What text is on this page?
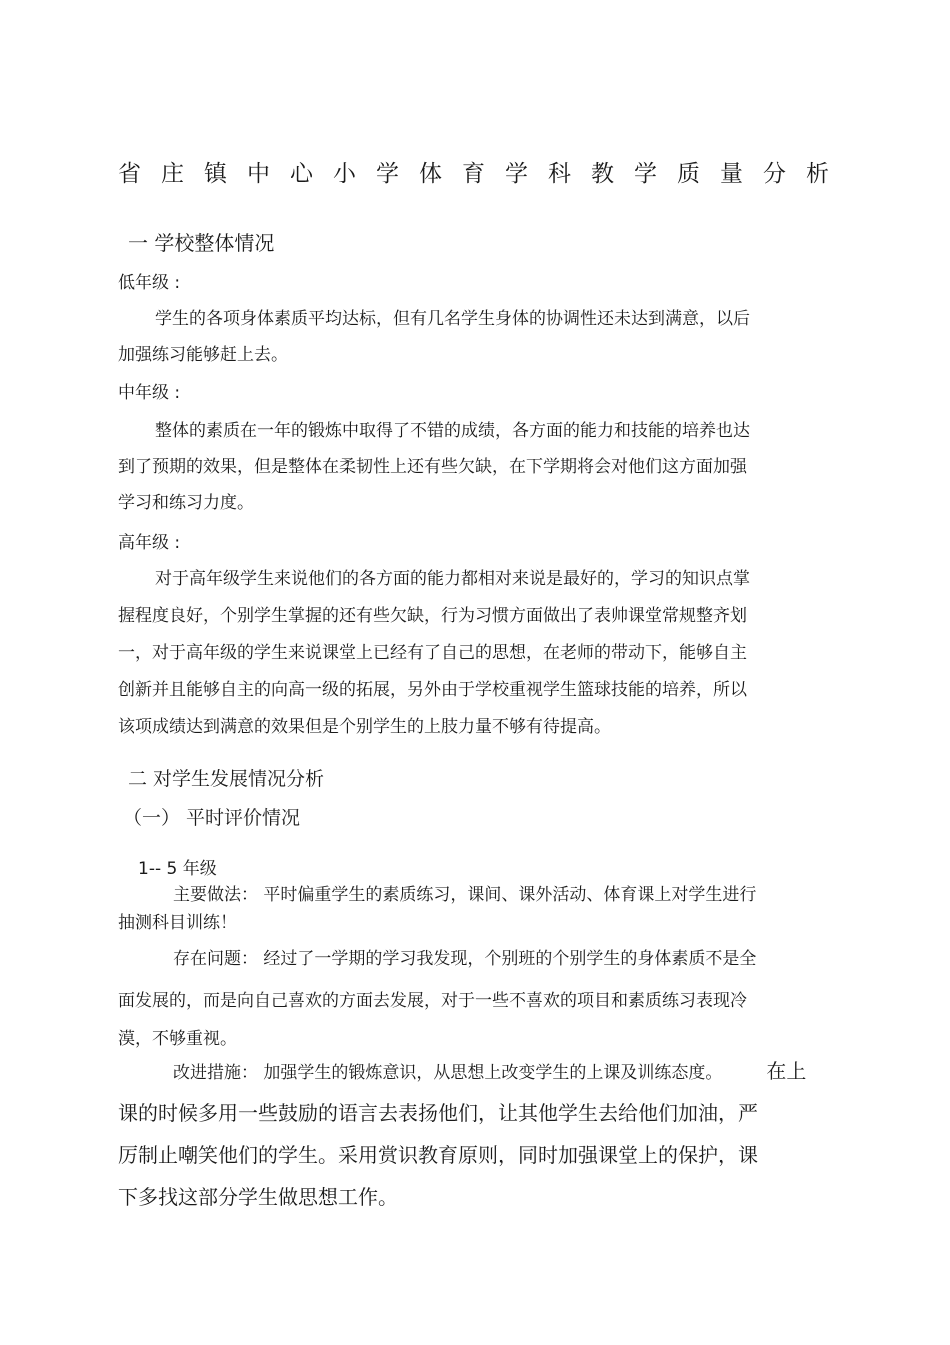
省庄镇中心小学体育学科教学质量分析
一 学校整体情况
低年级 :
学生的各项身体素质平均达标，但有几名学生身体的协调性还未达到满意，以后
加强练习能够赶上去。
中年级 :
整体的素质在一年的锻炼中取得了不错的成绩，各方面的能力和技能的培养也达
到了预期的效果，但是整体在柔韧性上还有些欠缺，在下学期将会对他们这方面加强
学习和练习力度。
高年级 :
对于高年级学生来说他们的各方面的能力都相对来说是最好的，学习的知识点掌
握程度良好，个别学生掌握的还有些欠缺，行为习惯方面做出了表帅课堂常规整齐划
一，对于高年级的学生来说课堂上已经有了自己的思想，在老师的带动下，能够自主
创新并且能够自主的向高一级的拓展，另外由于学校重视学生篮球技能的培养，所以
该项成绩达到满意的效果但是个别学生的上肢力量不够有待提高。
二 对学生发展情况分析
（一） 平时评价情况
1-- 5 年级
主要做法： 平时偏重学生的素质练习，课间、课外活动、体育课上对学生进行
抽测科目训练！
存在问题： 经过了一学期的学习我发现，个别班的个别学生的身体素质不是全
面发展的，而是向自己喜欢的方面去发展，对于一些不喜欢的项目和素质练习表现冷
漠，不够重视。
改进措施： 加强学生的锻炼意识，从思想上改变学生的上课及训练态度。 在上
课的时候多用一些鼓励的语言去表扬他们，让其他学生去给他们加油，严
厉制止嘲笑他们的学生。采用赏识教育原则，同时加强课堂上的保护，课
下多找这部分学生做思想工作。
